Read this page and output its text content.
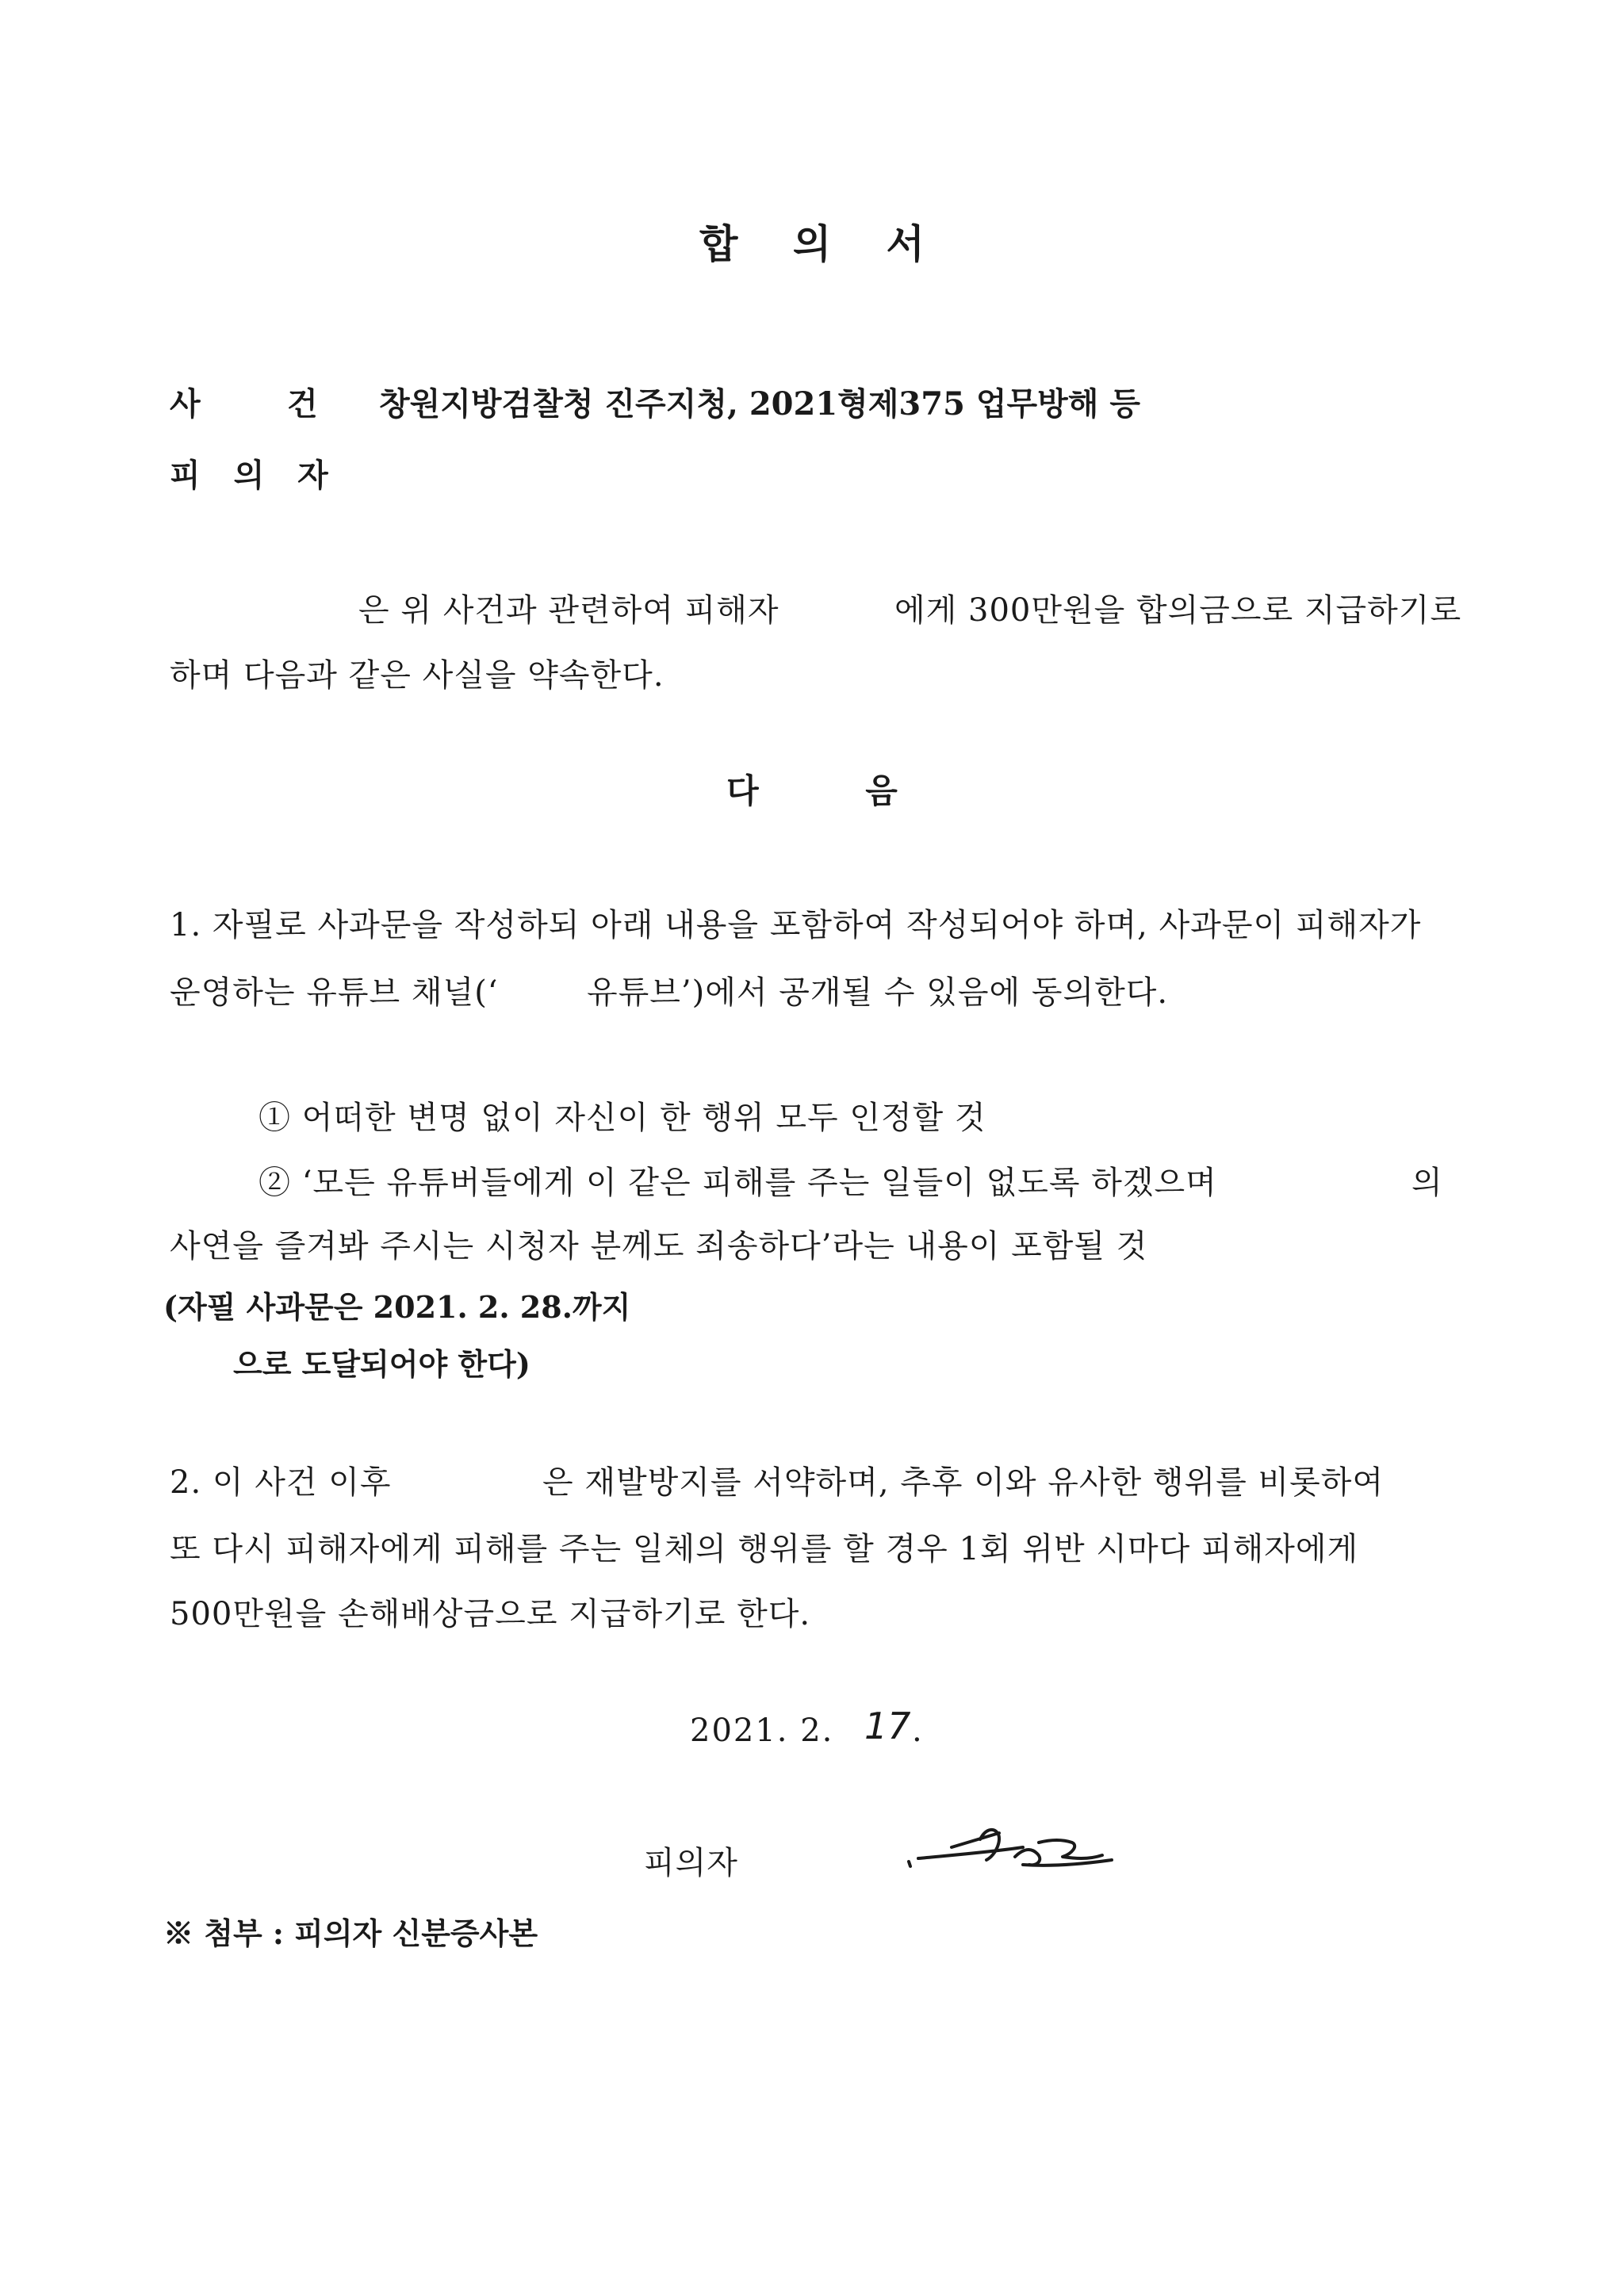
합 의 서
사	건 창원지방검찰청 진주지청, 2021형제375 업무방해 등
피 의 자
은 위 사건과 관련하여 피해자	에게 300만원을 합의금으로 지급하기로
하며 다음과 같은 사실을 약속한다.
다 음
1. 자필로 사과문을 작성하되 아래 내용을 포함하여 작성되어야 하며, 사과문이 피해자가
운영하는 유튜브 채널(‘	유튜브’)에서 공개될 수 있음에 동의한다.
① 어떠한 변명 없이 자신이 한 행위 모두 인정할 것
② ‘모든 유튜버들에게 이 같은 피해를 주는 일들이 없도록 하겠으며	의
사연을 즐겨봐 주시는 시청자 분께도 죄송하다’라는 내용이 포함될 것
(자필 사과문은 2021. 2. 28.까지
으로 도달되어야 한다)
2. 이 사건 이후	은 재발방지를 서약하며, 추후 이와 유사한 행위를 비롯하여
또 다시 피해자에게 피해를 주는 일체의 행위를 할 경우 1회 위반 시마다 피해자에게
500만원을 손해배상금으로 지급하기로 한다.
2021. 2. 17 .
피의자
※ 첨부 : 피의자 신분증사본
